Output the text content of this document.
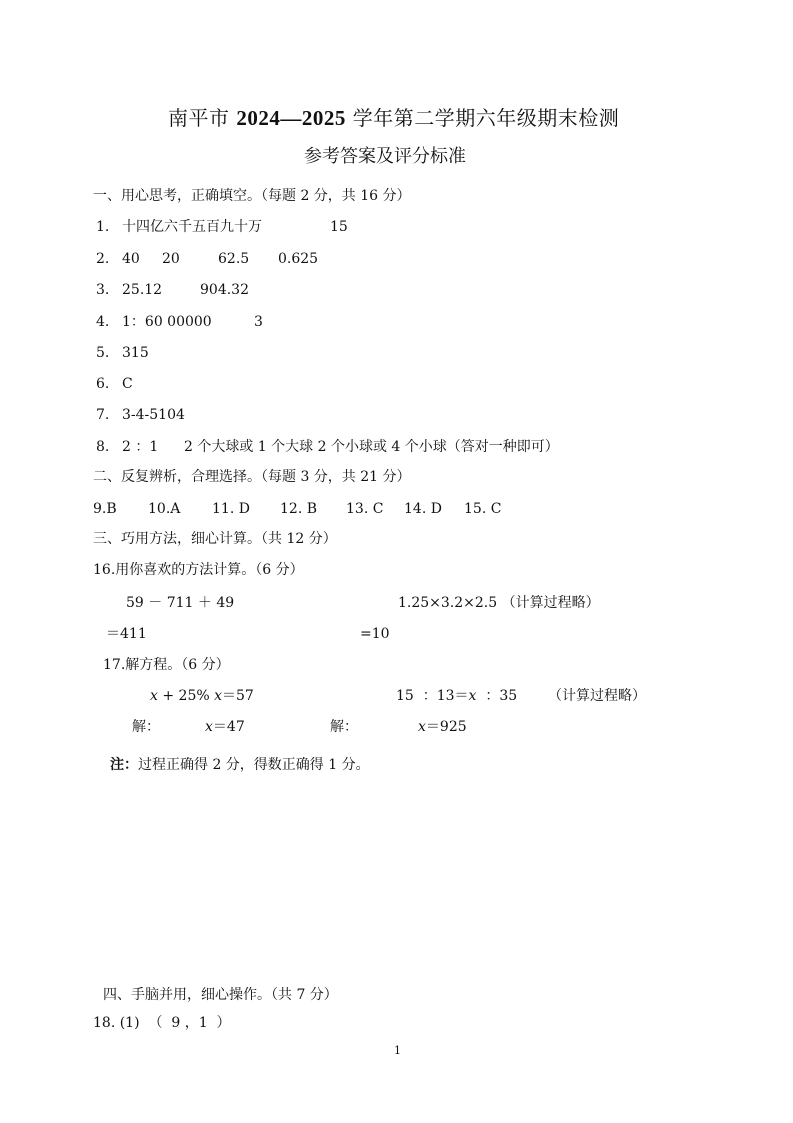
南平市 2024—2025 学年第二学期六年级期末检测
参考答案及评分标准
一、用心思考，正确填空。（每题 2 分，共 16 分）
1. 十四亿六千五百九十万	15
2. 40 20	62.5 0.625
3. 25.12	904.32
4. 1：60 00000	3
5. 315
6. C
7. 3-4-5104
8. 2 ：1 2 个大球或 1 个大球 2 个小球或 4 个小球（答对一种即可）
二、反复辨析，合理选择。（每题 3 分，共 21 分）
9.B 10.A 11. D 12. B 13. C 14. D 15. C
三、巧用方法，细心计算。（共 12 分）
16.用你喜欢的方法计算。（6 分）
59 － 711 ＋ 49	1.25×3.2×2.5 （计算过程略）
＝411	=10
17.解方程。（6 分）
x + 25% x＝57	15  ：13＝x  ：35 （计算过程略）
解：	x＝47	解：	x＝925
注：过程正确得 2 分，得数正确得 1 分。
四、手脑并用，细心操作。（共 7 分）
18. (1)  （  9 ，1  ）
1
